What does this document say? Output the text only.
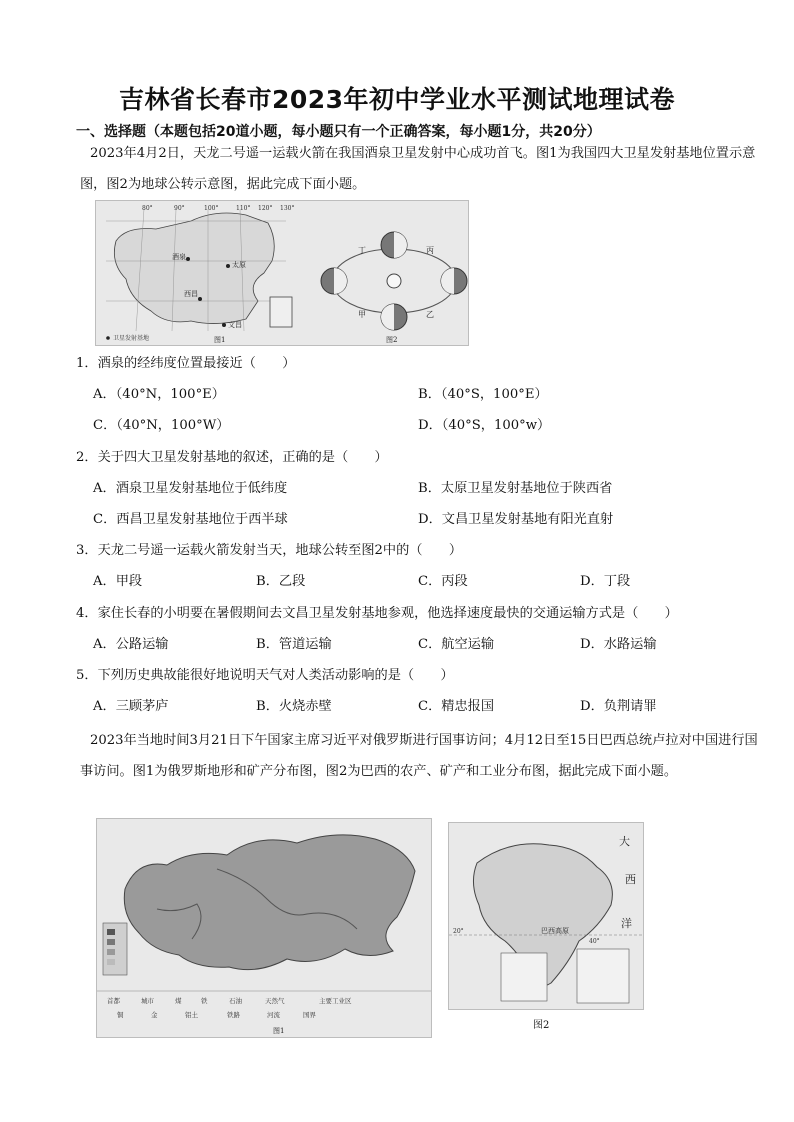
吉林省长春市2023年初中学业水平测试地理试卷
一、选择题（本题包括20道小题，每小题只有一个正确答案，每小题1分，共20分）
2023年4月2日，天龙二号遥一运载火箭在我国酒泉卫星发射中心成功首飞。图1为我国四大卫星发射基地位置示意图，图2为地球公转示意图，据此完成下面小题。
80°	90°	100°	110° 120° 130°
酒泉
太原
西昌
文昌
卫星发射基地	图1
丁	丙
甲	乙
图2
1．酒泉的经纬度位置最接近（　　）
A．（40°N，100°E）	B．（40°S，100°E）
C．（40°N，100°W）	D．（40°S，100°w）
2．关于四大卫星发射基地的叙述，正确的是（　　）
A．酒泉卫星发射基地位于低纬度	B．太原卫星发射基地位于陕西省
C．西昌卫星发射基地位于西半球	D．文昌卫星发射基地有阳光直射
3．天龙二号遥一运载火箭发射当天，地球公转至图2中的（　　）
A．甲段	B．乙段	C．丙段	D．丁段
4．家住长春的小明要在暑假期间去文昌卫星发射基地参观，他选择速度最快的交通运输方式是（　　）
A．公路运输	B．管道运输	C．航空运输	D．水路运输
5．下列历史典故能很好地说明天气对人类活动影响的是（　　）
A．三顾茅庐	B．火烧赤壁	C．精忠报国	D．负荆请罪
2023年当地时间3月21日下午国家主席习近平对俄罗斯进行国事访问；4月12日至15日巴西总统卢拉对中国进行国事访问。图1为俄罗斯地形和矿产分布图，图2为巴西的农产、矿产和工业分布图，据此完成下面小题。
首都	城市	煤	铁	石油	天然气	主要工业区
铜	金	铝土	铁路	河流	国界
图1
大
西
洋
巴西高原
40°
20°
图2
